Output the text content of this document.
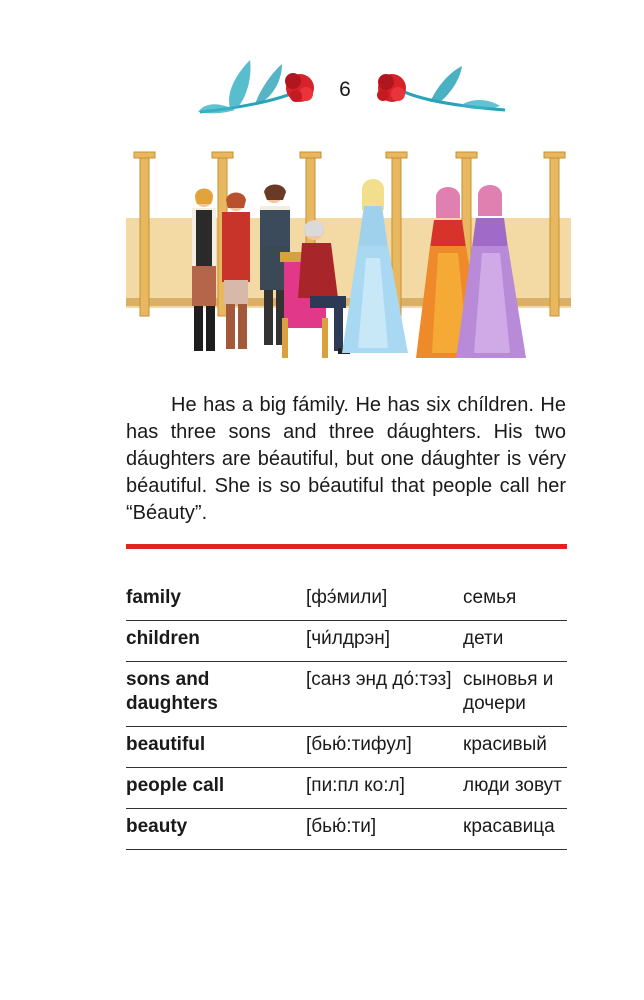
6

He has a big fámily. He has six chíldren. He has three sons and three dáughters. His two dáughters are béautiful, but one dáughter is véry béautiful. She is so béautiful that people call her “Béauty”.

family	[фэ́мили]	семья
children	[чи́лдрэн]	дети
sons and daughters	[санз энд до́:тэз]	сыновья и дочери
beautiful	[бью́:тифул]	красивый
people call	[пи:пл ко:л]	люди зовут
beauty	[бью́:ти]	красавица
